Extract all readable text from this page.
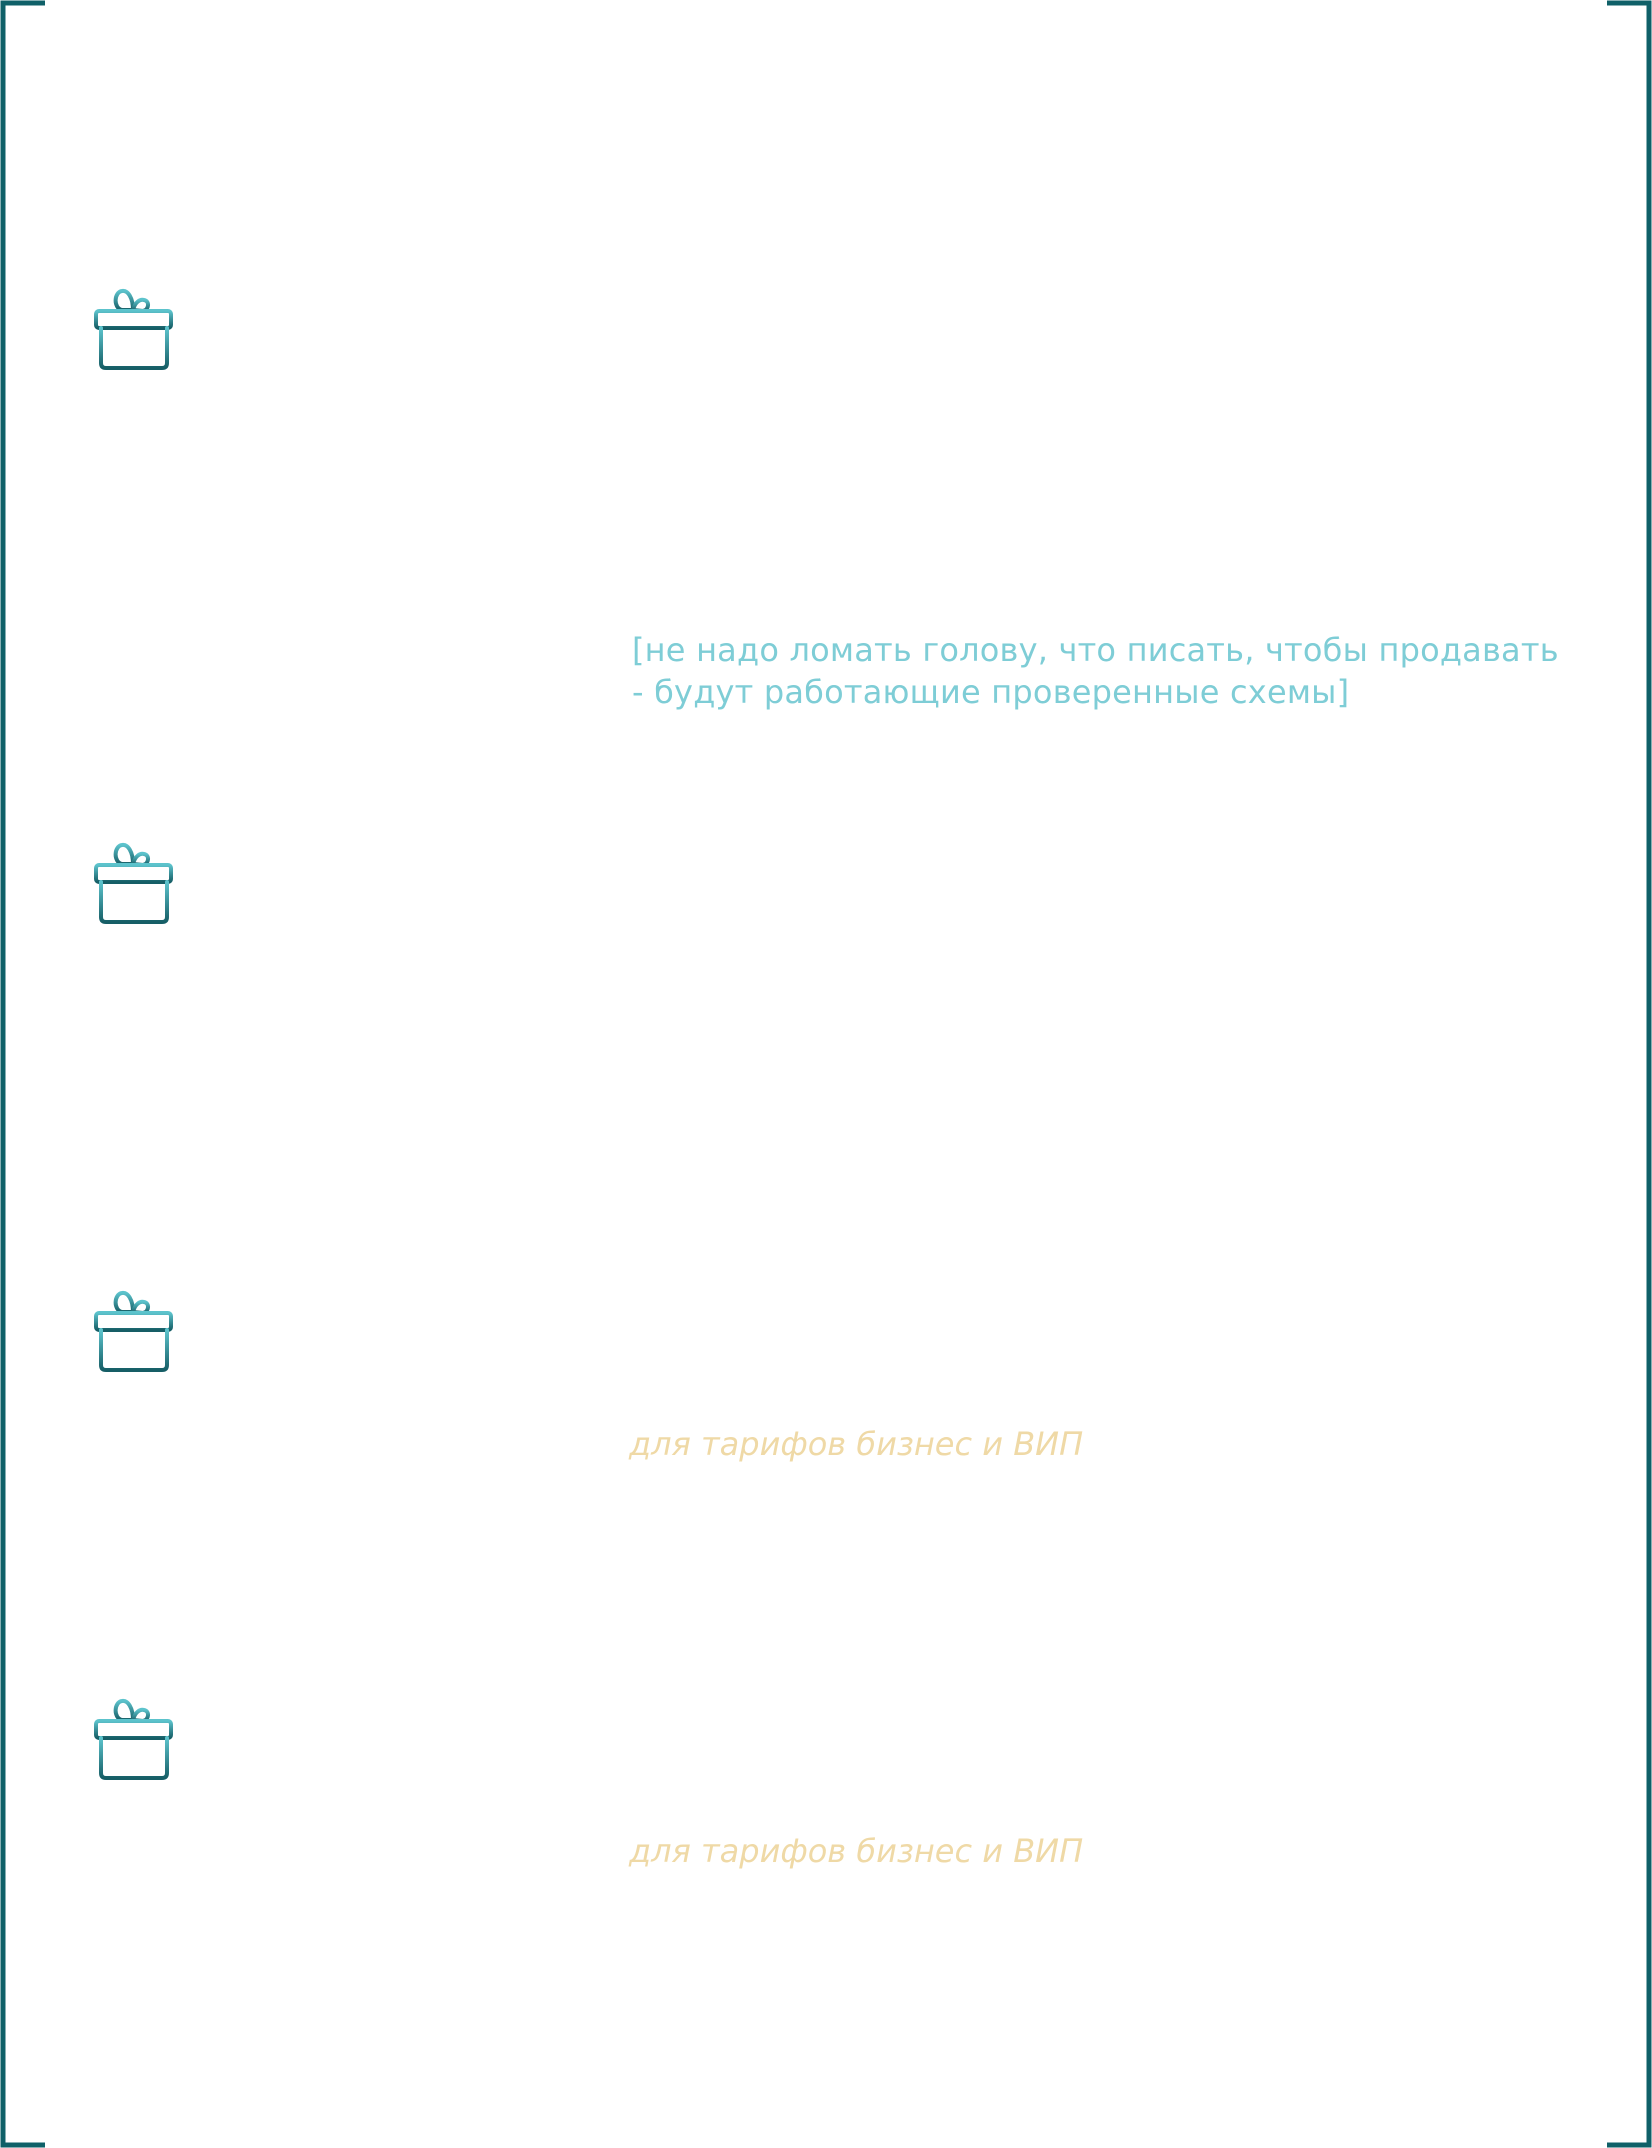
[не надо ломать голову, что писать, чтобы продавать
- будут работающие проверенные схемы]

для тарифов бизнес и ВИП

для тарифов бизнес и ВИП
